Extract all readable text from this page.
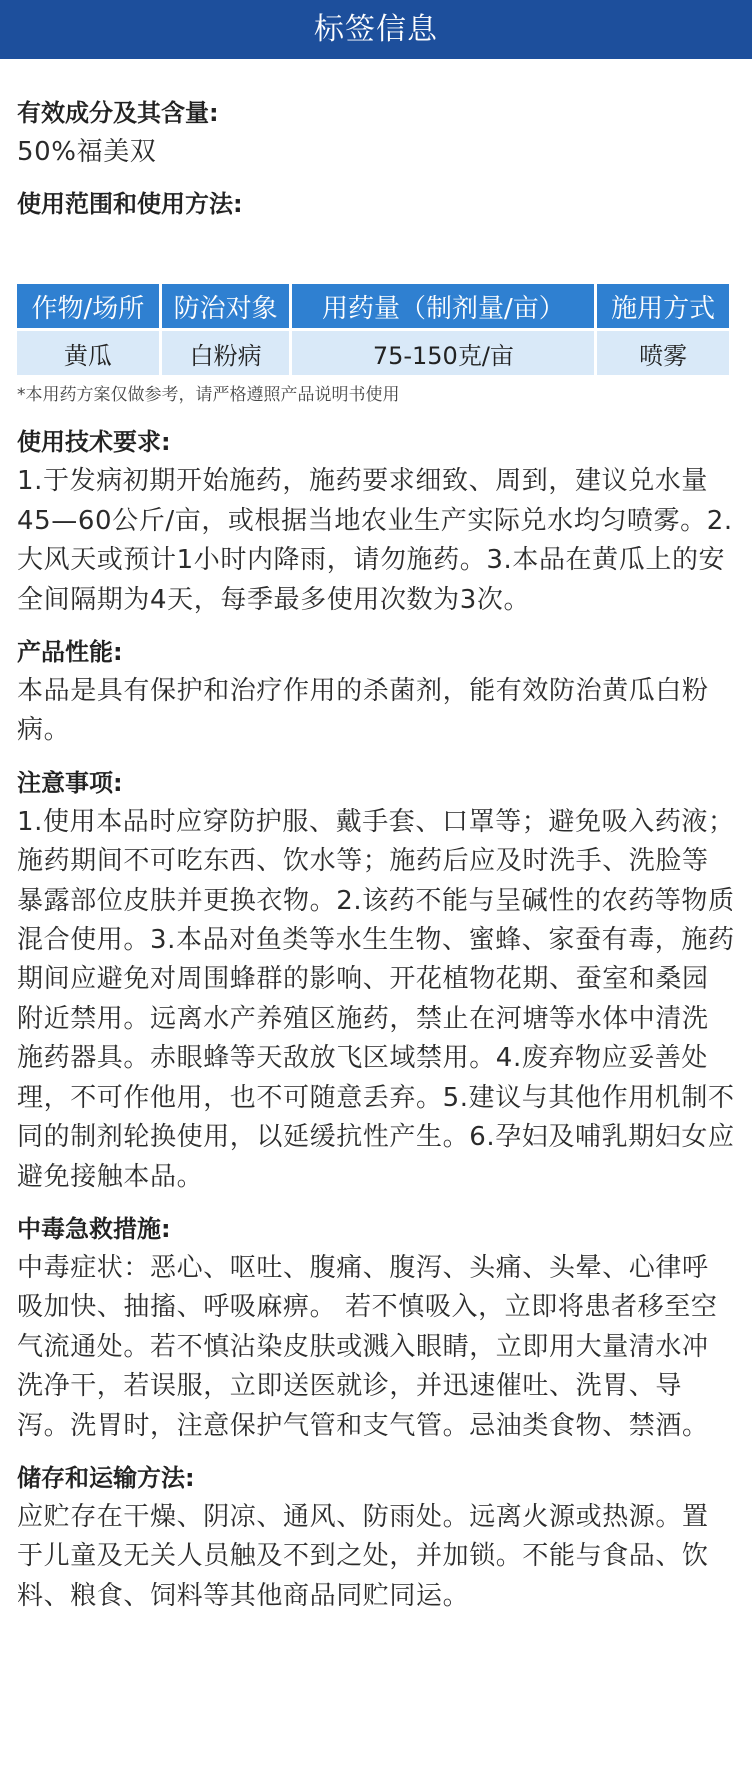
标签信息
有效成分及其含量:
50%福美双
使用范围和使用方法:
作物/场所	防治对象	用药量（制剂量/亩）	施用方式
黄瓜	白粉病	75-150克/亩	喷雾
*本用药方案仅做参考，请严格遵照产品说明书使用
使用技术要求:
1.于发病初期开始施药，施药要求细致、周到，建议兑水量45—60公斤/亩，或根据当地农业生产实际兑水均匀喷雾。2.大风天或预计1小时内降雨，请勿施药。3.本品在黄瓜上的安全间隔期为4天，每季最多使用次数为3次。
产品性能:
本品是具有保护和治疗作用的杀菌剂，能有效防治黄瓜白粉病。
注意事项:
1.使用本品时应穿防护服、戴手套、口罩等；避免吸入药液；施药期间不可吃东西、饮水等；施药后应及时洗手、洗脸等暴露部位皮肤并更换衣物。2.该药不能与呈碱性的农药等物质混合使用。3.本品对鱼类等水生生物、蜜蜂、家蚕有毒，施药期间应避免对周围蜂群的影响、开花植物花期、蚕室和桑园附近禁用。远离水产养殖区施药，禁止在河塘等水体中清洗施药器具。赤眼蜂等天敌放飞区域禁用。4.废弃物应妥善处理，不可作他用，也不可随意丢弃。5.建议与其他作用机制不同的制剂轮换使用，以延缓抗性产生。6.孕妇及哺乳期妇女应避免接触本品。
中毒急救措施:
中毒症状：恶心、呕吐、腹痛、腹泻、头痛、头晕、心律呼吸加快、抽搐、呼吸麻痹。 若不慎吸入，立即将患者移至空气流通处。若不慎沾染皮肤或溅入眼睛，立即用大量清水冲洗净干，若误服，立即送医就诊，并迅速催吐、洗胃、导泻。洗胃时，注意保护气管和支气管。忌油类食物、禁酒。
储存和运输方法:
应贮存在干燥、阴凉、通风、防雨处。远离火源或热源。置于儿童及无关人员触及不到之处，并加锁。不能与食品、饮料、粮食、饲料等其他商品同贮同运。
